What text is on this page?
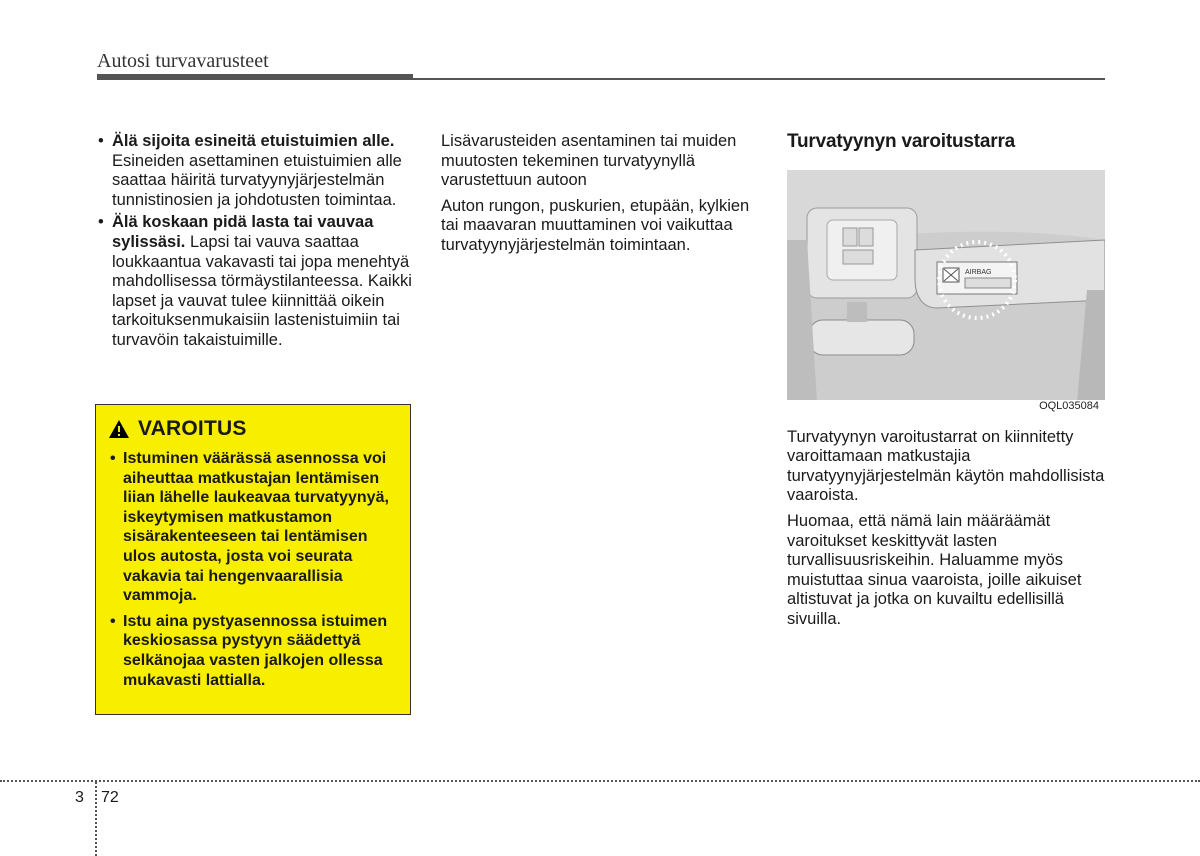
Autosi turvavarusteet
• Älä sijoita esineitä etuistuimien alle. Esineiden asettaminen etuistuimien alle saattaa häiritä turvatyynyjärjestelmän tunnistinosien ja johdotusten toimintaa.
• Älä koskaan pidä lasta tai vauvaa sylissäsi. Lapsi tai vauva saattaa loukkaantua vakavasti tai jopa menehtyä mahdollisessa törmäystilanteessa. Kaikki lapset ja vauvat tulee kiinnittää oikein tarkoituksenmukaisiin lastenistuimiin tai turvavöin takaistuimille.
VAROITUS
• Istuminen väärässä asennossa voi aiheuttaa matkustajan lentämisen liian lähelle laukeavaa turvatyynyä, iskeytymisen matkustamon sisärakenteeseen tai lentämisen ulos autosta, josta voi seurata vakavia tai hengenvaarallisia vammoja.
• Istu aina pystyasennossa istuimen keskiosassa pystyyn säädettyä selkänojaa vasten jalkojen ollessa mukavasti lattialla.

Lisävarusteiden asentaminen tai muiden muutosten tekeminen turvatyynyllä varustettuun autoon

Auton rungon, puskurien, etupään, kylkien tai maavaran muuttaminen voi vaikuttaa turvatyynyjärjestelmän toimintaan.

Turvatyynyn varoitustarra
AIRBAG
OQL035084

Turvatyynyn varoitustarrat on kiinnitetty varoittamaan matkustajia turvatyynyjärjestelmän käytön mahdollisista vaaroista.

Huomaa, että nämä lain määräämät varoitukset keskittyvät lasten turvallisuusriskeihin. Haluamme myös muistuttaa sinua vaaroista, joille aikuiset altistuvat ja jotka on kuvailtu edellisillä sivuilla.

3 72
